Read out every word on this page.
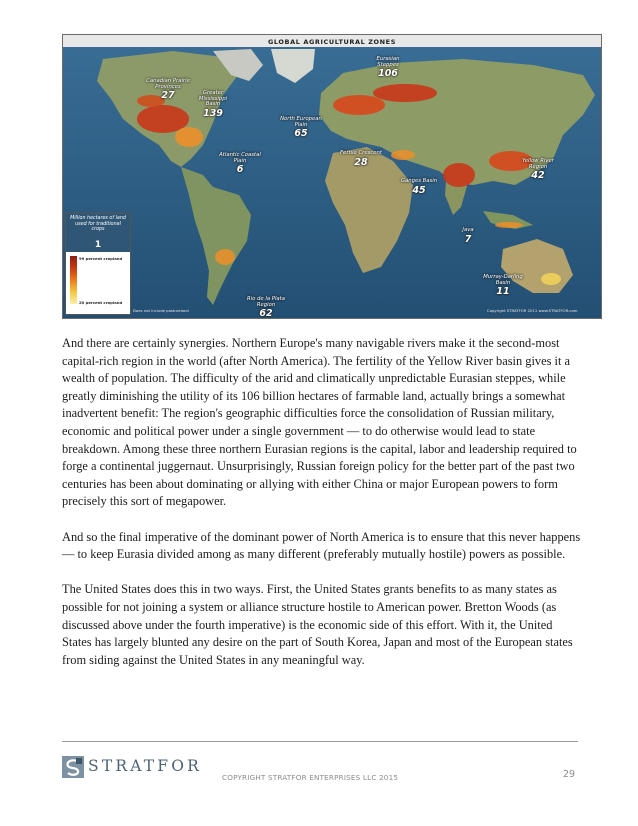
GLOBAL AGRICULTURAL ZONES
Canadian Prairie Provinces
27	Greater Mississippi Basin
139
Atlantic Coastal Plain
6
North European Plain
65
Eurasian Steppes
106
Fertile Crescent
28
Ganges Basin
45
Yellow River Region
42
Java
7
Rio de la Plata Region
62
Murray-Darling Basin
11
Million hectares of land used for traditional crops
1
99 percent cropland
20 percent cropland
Does not include pastureland	Copyright STRATFOR 2011 www.STRATFOR.com

And there are certainly synergies. Northern Europe's many navigable rivers make it the second-most capital-rich region in the world (after North America). The fertility of the Yellow River basin gives it a wealth of population. The difficulty of the arid and climatically unpredictable Eurasian steppes, while greatly diminishing the utility of its 106 billion hectares of farmable land, actually brings a somewhat inadvertent benefit: The region's geographic difficulties force the consolidation of Russian military, economic and political power under a single government — to do otherwise would lead to state breakdown. Among these three northern Eurasian regions is the capital, labor and leadership required to forge a continental juggernaut. Unsurprisingly, Russian foreign policy for the better part of the past two centuries has been about dominating or allying with either China or major European powers to form precisely this sort of megapower.

And so the final imperative of the dominant power of North America is to ensure that this never happens — to keep Eurasia divided among as many different (preferably mutually hostile) powers as possible.

The United States does this in two ways. First, the United States grants benefits to as many states as possible for not joining a system or alliance structure hostile to American power. Bretton Woods (as discussed above under the fourth imperative) is the economic side of this effort. With it, the United States has largely blunted any desire on the part of South Korea, Japan and most of the European states from siding against the United States in any meaningful way.

STRATFOR
COPYRIGHT STRATFOR ENTERPRISES LLC 2015	29
